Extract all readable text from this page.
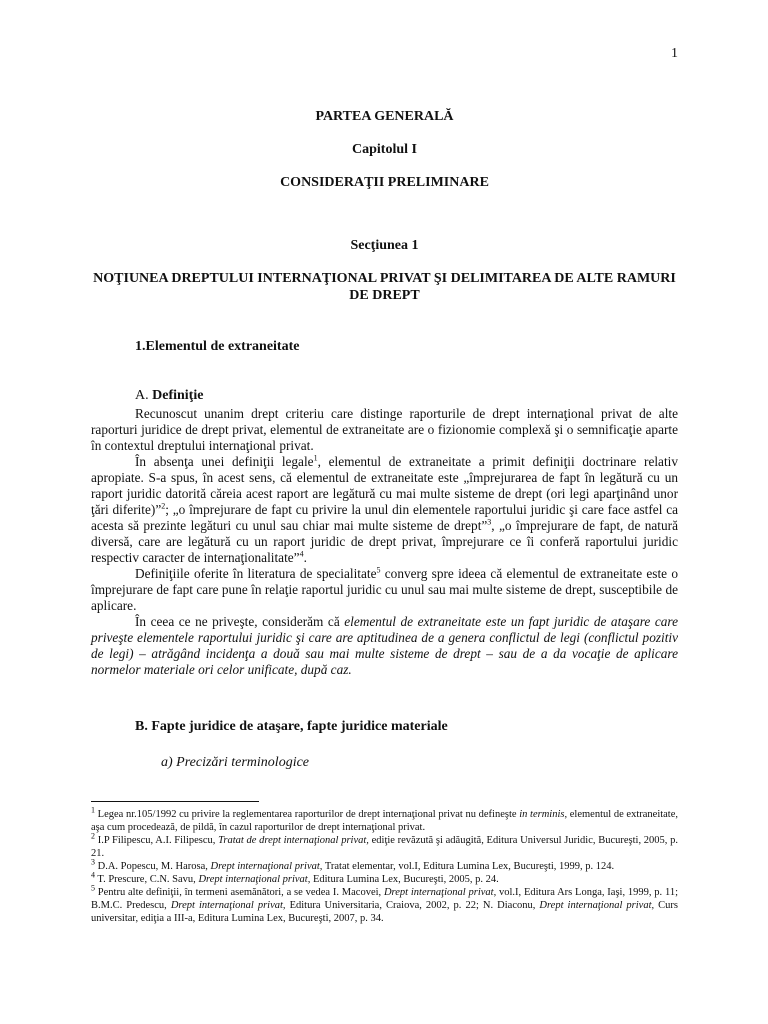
1
PARTEA GENERALĂ
Capitolul I
CONSIDERAŢII PRELIMINARE
Secţiunea 1
NOŢIUNEA DREPTULUI INTERNAŢIONAL PRIVAT ŞI DELIMITAREA DE ALTE RAMURI DE DREPT
1.Elementul de extraneitate
A. Definiţie

Recunoscut unanim drept criteriu care distinge raporturile de drept internaţional privat de alte raporturi juridice de drept privat, elementul de extraneitate are o fizionomie complexă şi o semnificaţie aparte în contextul dreptului internaţional privat.

În absenţa unei definiţii legale$^1$, elementul de extraneitate a primit definiţii doctrinare relativ apropiate. S-a spus, în acest sens, că elementul de extraneitate este „împrejurarea de fapt în legătură cu un raport juridic datorită căreia acest raport are legătură cu mai multe sisteme de drept (ori legi aparţinând unor ţări diferite)”$^2$; „o împrejurare de fapt cu privire la unul din elementele raportului juridic şi care face astfel ca acesta să prezinte legături cu unul sau chiar mai multe sisteme de drept”$^3$, „o împrejurare de fapt, de natură diversă, care are legătură cu un raport juridic de drept privat, împrejurare ce îi conferă raportului juridic respectiv caracter de internaţionalitate”$^4$.

Definiţiile oferite în literatura de specialitate$^5$ converg spre ideea că elementul de extraneitate este o împrejurare de fapt care pune în relaţie raportul juridic cu unul sau mai multe sisteme de drept, susceptibile de aplicare.

În ceea ce ne priveşte, considerăm că elementul de extraneitate este un fapt juridic de ataşare care priveşte elementele raportului juridic şi care are aptitudinea de a genera conflictul de legi (conflictul pozitiv de legi) – atrăgând incidenţa a două sau mai multe sisteme de drept – sau de a da vocaţie de aplicare normelor materiale ori celor unificate, după caz.

B. Fapte juridice de ataşare, fapte juridice materiale
a) Precizări terminologice

$^1$ Legea nr.105/1992 cu privire la reglementarea raporturilor de drept internaţional privat nu defineşte in terminis, elementul de extraneitate, aşa cum procedează, de pildă, în cazul raporturilor de drept internaţional privat.

$^2$ I.P Filipescu, A.I. Filipescu, Tratat de drept internaţional privat, ediţie revăzută şi adăugită, Editura Universul Juridic, Bucureşti, 2005, p. 21.

$^3$ D.A. Popescu, M. Harosa, Drept internaţional privat, Tratat elementar, vol.I, Editura Lumina Lex, Bucureşti, 1999, p. 124.

$^4$ T. Prescure, C.N. Savu, Drept internaţional privat, Editura Lumina Lex, Bucureşti, 2005, p. 24.

$^5$ Pentru alte definiţii, în termeni asemănători, a se vedea I. Macovei, Drept internaţional privat, vol.I, Editura Ars Longa, Iaşi, 1999, p. 11; B.M.C. Predescu, Drept internaţional privat, Editura Universitaria, Craiova, 2002, p. 22; N. Diaconu, Drept internaţional privat, Curs universitar, ediţia a III-a, Editura Lumina Lex, Bucureşti, 2007, p. 34.
